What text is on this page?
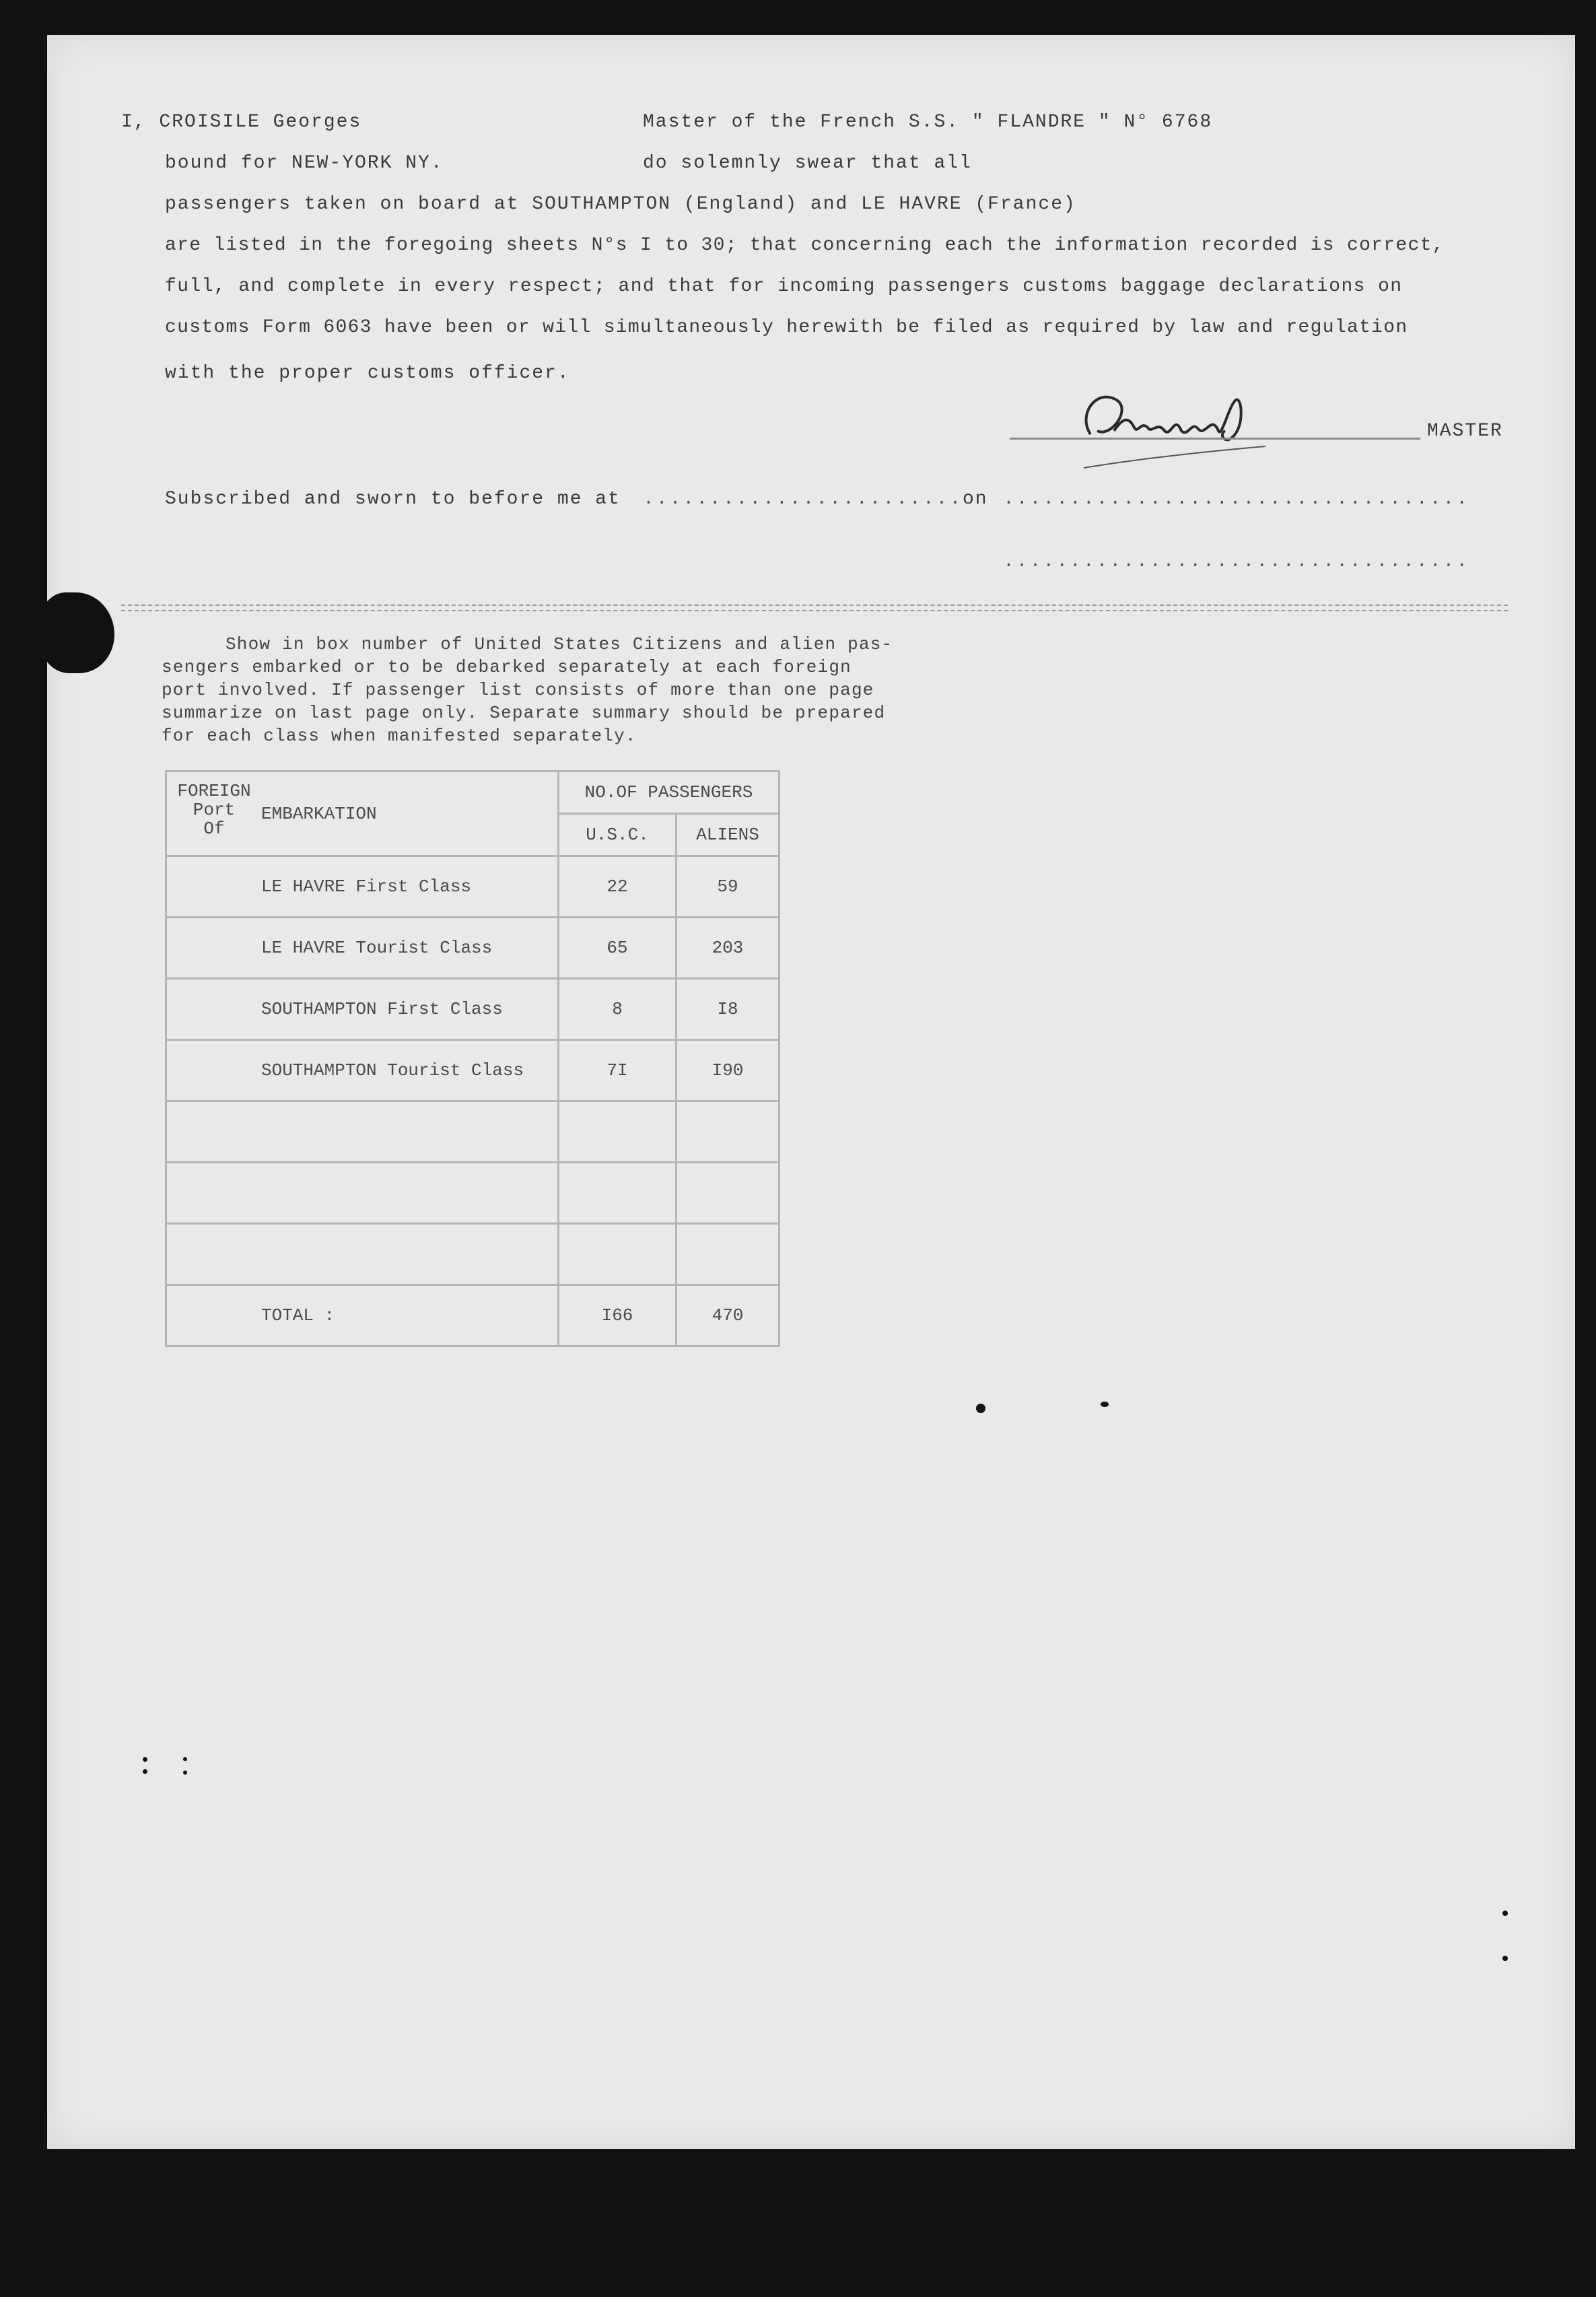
I, CROISILE Georges	Master of the French S.S. " FLANDRE " N° 6768
bound for NEW-YORK NY.	do solemnly swear that all
passengers taken on board at SOUTHAMPTON (England) and LE HAVRE (France)
are listed in the foregoing sheets N°s I to 30; that concerning each the information recorded is correct,
full, and complete in every respect; and that for incoming passengers customs baggage declarations on
customs Form 6063 have been or will simultaneously herewith be filed as required by law and regulation
with the proper customs officer.
MASTER
Subscribed and sworn to before me at ........................ on ...................................
...................................
Show in box number of United States Citizens and alien pas-
sengers embarked or to be debarked separately at each foreign
port involved. If passenger list consists of more than one page
summarize on last page only. Separate summary should be prepared
for each class when manifested separately.
FOREIGN
Port
Of	EMBARKATION	NO.OF PASSENGERS	
		U.S.C.	ALIENS
	LE HAVRE First Class	22	59
	LE HAVRE Tourist Class	65	203
	SOUTHAMPTON First Class	8	I8
	SOUTHAMPTON Tourist Class	7I	I90

	TOTAL :	I66	470
